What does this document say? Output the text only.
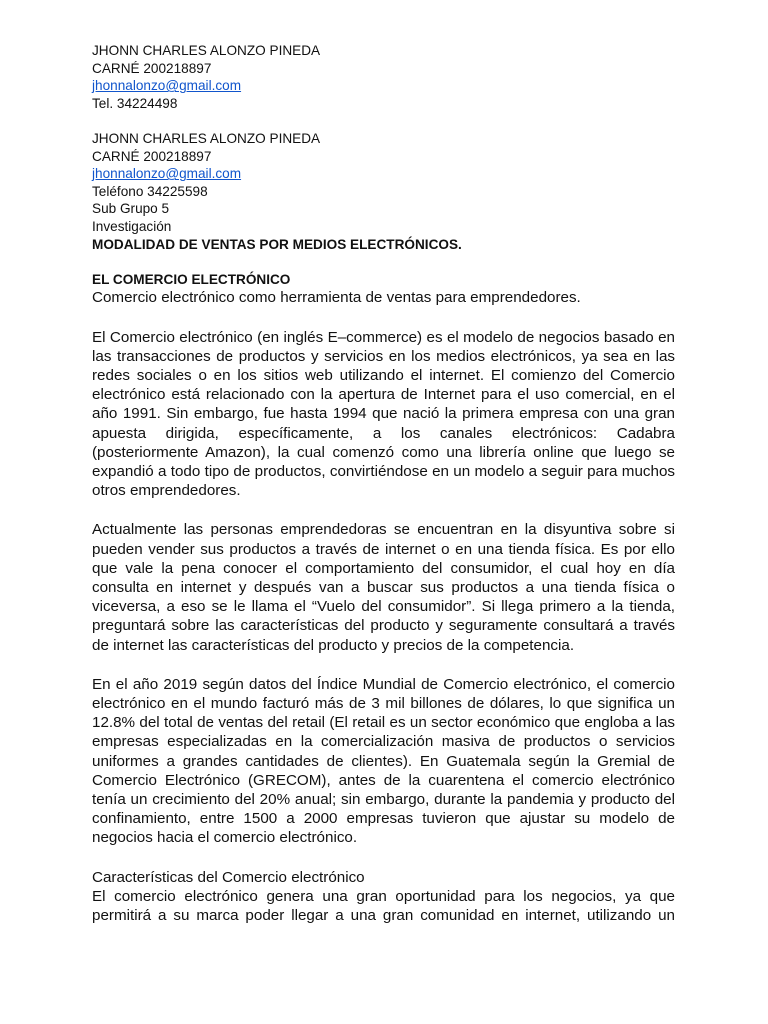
JHONN CHARLES ALONZO PINEDA

CARNÉ 200218897

jhonnalonzo@gmail.com

Tel. 34224498

JHONN CHARLES ALONZO PINEDA

CARNÉ 200218897

jhonnalonzo@gmail.com

Teléfono 34225598

Sub Grupo 5

Investigación

MODALIDAD DE VENTAS POR MEDIOS ELECTRÓNICOS.

EL COMERCIO ELECTRÓNICO

Comercio electrónico como herramienta de ventas para emprendedores.

El Comercio electrónico (en inglés E–commerce) es el modelo de negocios basado en las transacciones de productos y servicios en los medios electrónicos, ya sea en las redes sociales o en los sitios web utilizando el internet. El comienzo del Comercio electrónico está relacionado con la apertura de Internet para el uso comercial, en el año 1991. Sin embargo, fue hasta 1994 que nació la primera empresa con una gran apuesta dirigida, específicamente, a los canales electrónicos: Cadabra (posteriormente Amazon), la cual comenzó como una librería online que luego se expandió a todo tipo de productos, convirtiéndose en un modelo a seguir para muchos otros emprendedores.

Actualmente las personas emprendedoras se encuentran en la disyuntiva sobre si pueden vender sus productos a través de internet o en una tienda física. Es por ello que vale la pena conocer el comportamiento del consumidor, el cual hoy en día consulta en internet y después van a buscar sus productos a una tienda física o viceversa, a eso se le llama el “Vuelo del consumidor”. Si llega primero a la tienda, preguntará sobre las características del producto y seguramente consultará a través de internet las características del producto y precios de la competencia.

En el año 2019 según datos del Índice Mundial de Comercio electrónico, el comercio electrónico en el mundo facturó más de 3 mil billones de dólares, lo que significa un 12.8% del total de ventas del retail (El retail es un sector económico que engloba a las empresas especializadas en la comercialización masiva de productos o servicios uniformes a grandes cantidades de clientes). En Guatemala según la Gremial de Comercio Electrónico (GRECOM), antes de la cuarentena el comercio electrónico tenía un crecimiento del 20% anual; sin embargo, durante la pandemia y producto del confinamiento, entre 1500 a 2000 empresas tuvieron que ajustar su modelo de negocios hacia el comercio electrónico.

Características del Comercio electrónico

El comercio electrónico genera una gran oportunidad para los negocios, ya que permitirá a su marca poder llegar a una gran comunidad en internet, utilizando un
